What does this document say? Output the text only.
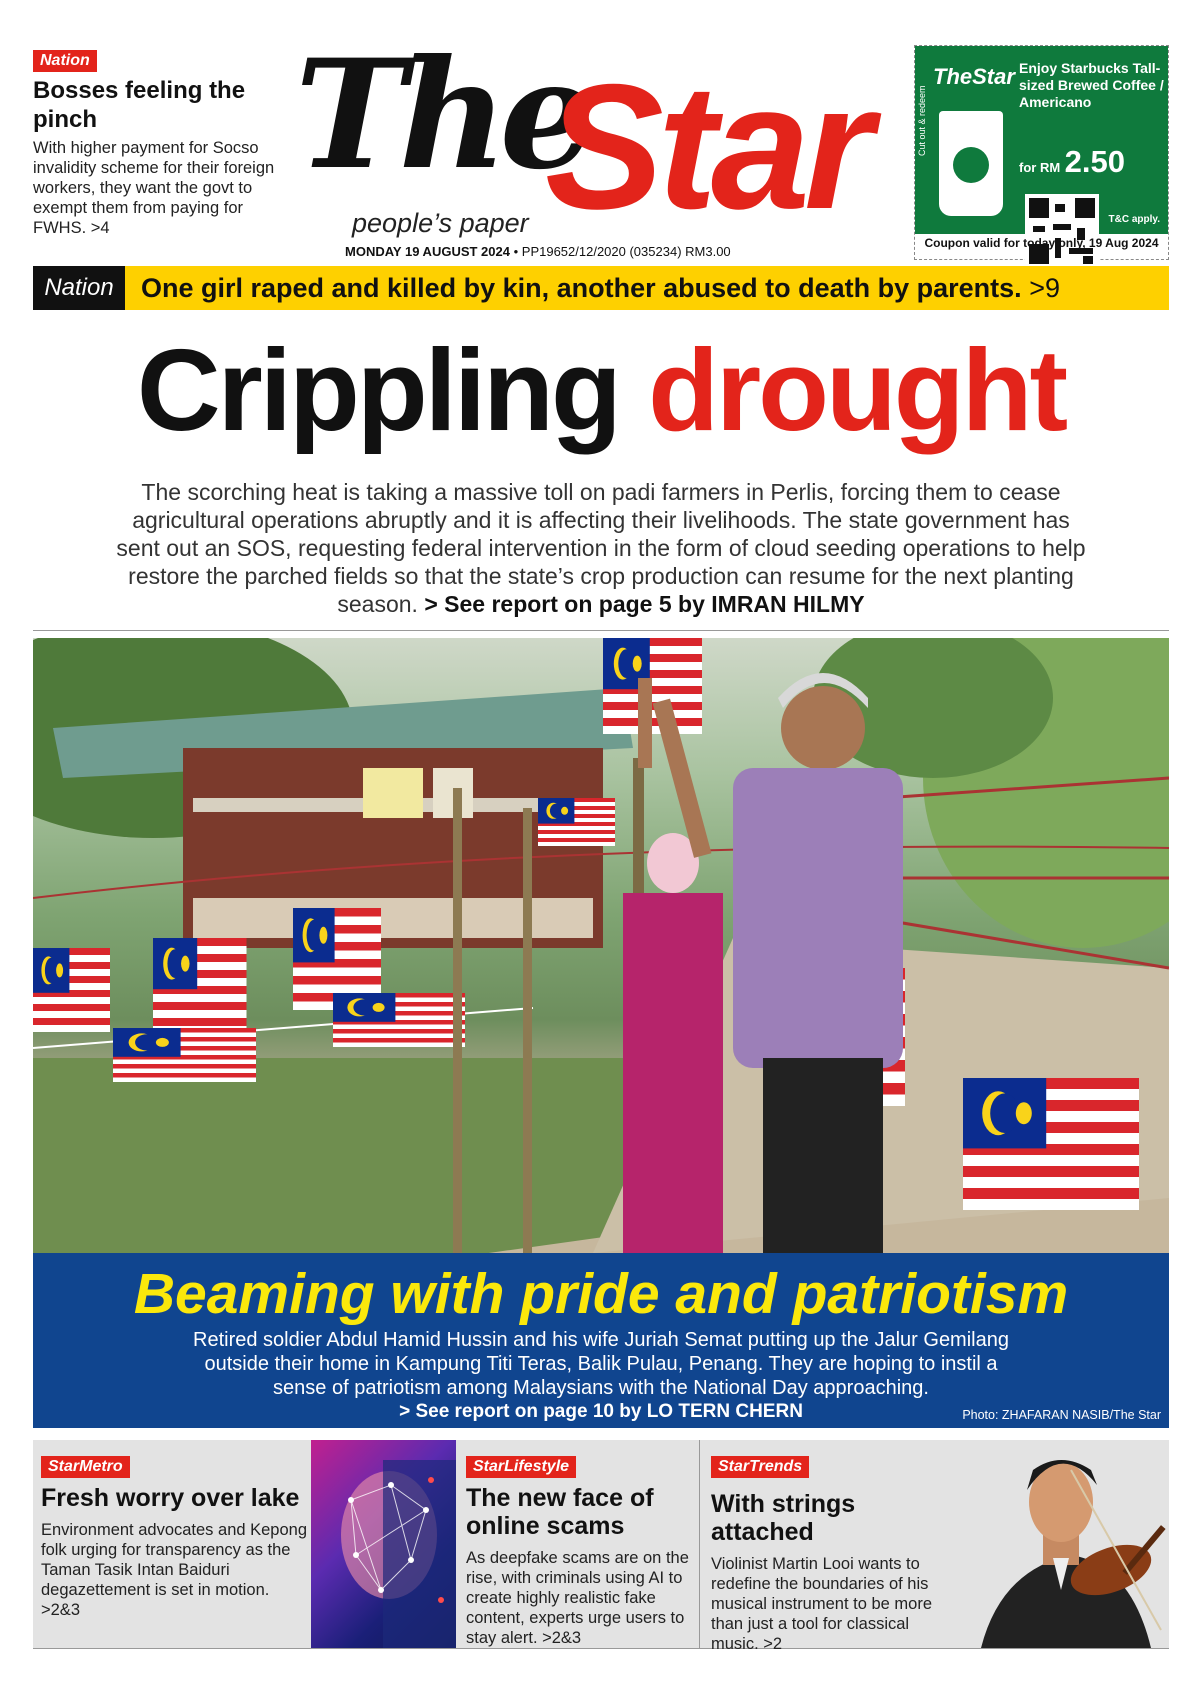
Nation
Bosses feeling the pinch
With higher payment for Socso invalidity scheme for their foreign workers, they want the govt to exempt them from paying for FWHS. >4
The
Star
people’s paper
MONDAY 19 AUGUST 2024 • PP19652/12/2020 (035234) RM3.00
TheStar Enjoy Starbucks Tall-sized Brewed Coffee / Americano
for RM 2.50
Cut out & redeem
T&C apply.
Coupon valid for today only, 19 Aug 2024
Nation	One girl raped and killed by kin, another abused to death by parents. >9
Crippling drought
The scorching heat is taking a massive toll on padi farmers in Perlis, forcing them to cease agricultural operations abruptly and it is affecting their livelihoods. The state government has sent out an SOS, requesting federal intervention in the form of cloud seeding operations to help restore the parched fields so that the state’s crop production can resume for the next planting season. > See report on page 5 by IMRAN HILMY
Beaming with pride and patriotism
Retired soldier Abdul Hamid Hussin and his wife Juriah Semat putting up the Jalur Gemilang outside their home in Kampung Titi Teras, Balik Pulau, Penang. They are hoping to instil a sense of patriotism among Malaysians with the National Day approaching.
> See report on page 10 by LO TERN CHERN	Photo: ZHAFARAN NASIB/The Star
StarMetro
Fresh worry over lake
Environment advocates and Kepong folk urging for transparency as the Taman Tasik Intan Baiduri degazettement is set in motion. >2&3
StarLifestyle
The new face of online scams
As deepfake scams are on the rise, with criminals using AI to create highly realistic fake content, experts urge users to stay alert. >2&3
StarTrends
With strings attached
Violinist Martin Looi wants to redefine the boundaries of his musical instrument to be more than just a tool for classical music. >2
